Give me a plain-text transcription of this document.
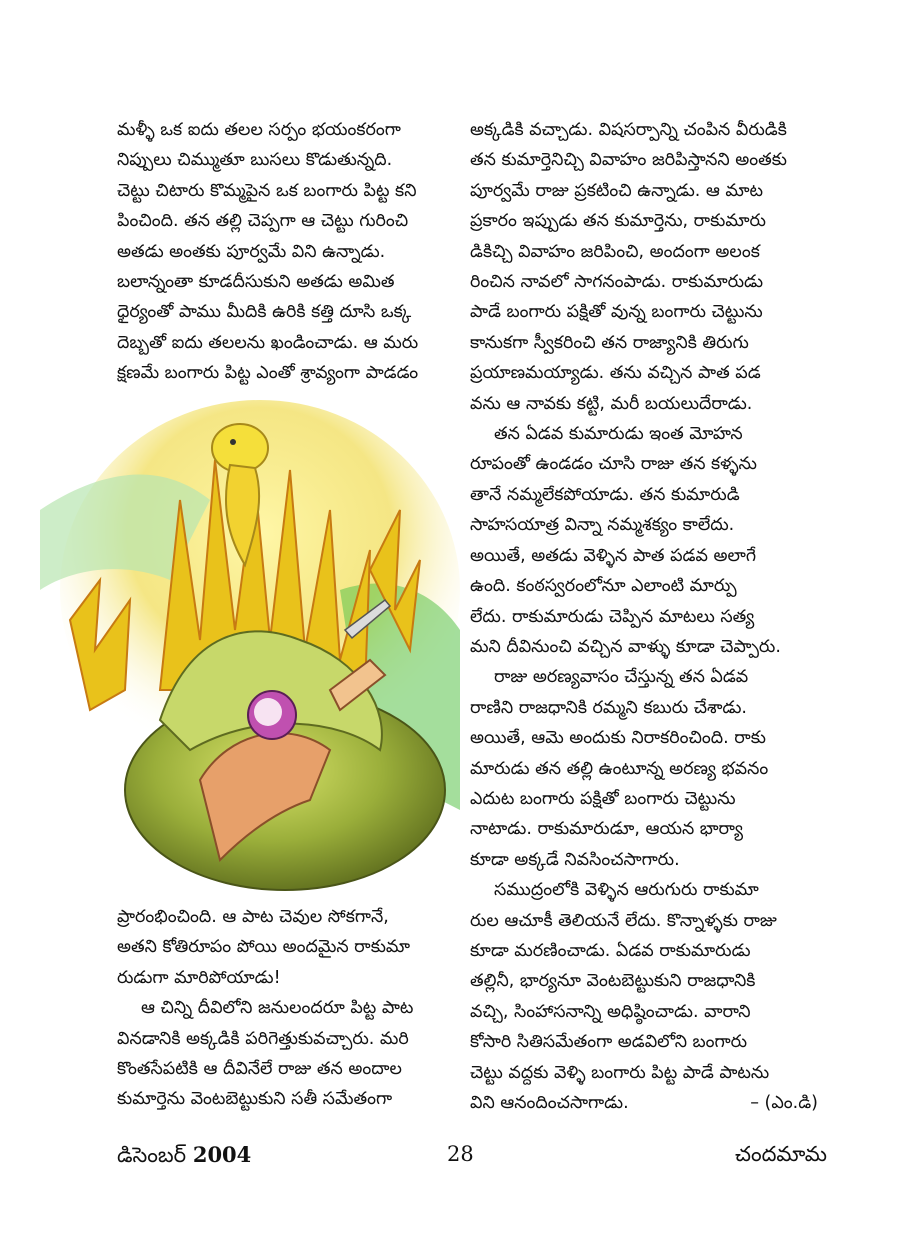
మళ్ళీ ఒక ఐదు తలల సర్పం భయంకరంగా

నిప్పులు చిమ్ముతూ బుసలు కొడుతున్నది.

చెట్టు చిటారు కొమ్మపైన ఒక బంగారు పిట్ట కని

పించింది. తన తల్లి చెప్పగా ఆ చెట్టు గురించి

అతడు అంతకు పూర్వమే విని ఉన్నాడు.

బలాన్నంతా కూడదీసుకుని అతడు అమిత

ధైర్యంతో పాము మీదికి ఉరికి కత్తి దూసి ఒక్క

దెబ్బతో ఐదు తలలను ఖండించాడు. ఆ మరు

క్షణమే బంగారు పిట్ట ఎంతో శ్రావ్యంగా పాడడం

ప్రారంభించింది. ఆ పాట చెవుల సోకగానే,

అతని కోతిరూపం పోయి అందమైన రాకుమా

రుడుగా మారిపోయాడు!

ఆ చిన్ని దీవిలోని జనులందరూ పిట్ట పాట

వినడానికి అక్కడికి పరిగెత్తుకువచ్చారు. మరి

కొంతసేపటికి ఆ దీవినేలే రాజు తన అందాల

కుమార్తెను వెంటబెట్టుకుని సతీ సమేతంగా

అక్కడికి వచ్చాడు. విషసర్పాన్ని చంపిన వీరుడికి

తన కుమార్తెనిచ్చి వివాహం జరిపిస్తానని అంతకు

పూర్వమే రాజు ప్రకటించి ఉన్నాడు. ఆ మాట

ప్రకారం ఇప్పుడు తన కుమార్తెను, రాకుమారు

డికిచ్చి వివాహం జరిపించి, అందంగా అలంక

రించిన నావలో సాగనంపాడు. రాకుమారుడు

పాడే బంగారు పక్షితో వున్న బంగారు చెట్టును

కానుకగా స్వీకరించి తన రాజ్యానికి తిరుగు

ప్రయాణమయ్యాడు. తను వచ్చిన పాత పడ

వను ఆ నావకు కట్టి, మరీ బయలుదేరాడు.

తన ఏడవ కుమారుడు ఇంత మోహన

రూపంతో ఉండడం చూసి రాజు తన కళ్ళను

తానే నమ్మలేకపోయాడు. తన కుమారుడి

సాహసయాత్ర విన్నా నమ్మశక్యం కాలేదు.

అయితే, అతడు వెళ్ళిన పాత పడవ అలాగే

ఉంది. కంఠస్వరంలోనూ ఎలాంటి మార్పు

లేదు. రాకుమారుడు చెప్పిన మాటలు సత్య

మని దీవినుంచి వచ్చిన వాళ్ళు కూడా చెప్పారు.

రాజు అరణ్యవాసం చేస్తున్న తన ఏడవ

రాణిని రాజధానికి రమ్మని కబురు చేశాడు.

అయితే, ఆమె అందుకు నిరాకరించింది. రాకు

మారుడు తన తల్లి ఉంటూన్న అరణ్య భవనం

ఎదుట బంగారు పక్షితో బంగారు చెట్టును

నాటాడు. రాకుమారుడూ, ఆయన భార్యా

కూడా అక్కడే నివసించసాగారు.

సముద్రంలోకి వెళ్ళిన ఆరుగురు రాకుమా

రుల ఆచూకీ తెలియనే లేదు. కొన్నాళ్ళకు రాజు

కూడా మరణించాడు. ఏడవ రాకుమారుడు

తల్లినీ, భార్యనూ వెంటబెట్టుకుని రాజధానికి

వచ్చి, సింహాసనాన్ని అధిష్ఠించాడు. వారాని

కోసారి సితిసమేతంగా అడవిలోని బంగారు

చెట్టు వద్దకు వెళ్ళి బంగారు పిట్ట పాడే పాటను

విని ఆనందించసాగాడు.	– (ఎం.డి)

డిసెంబర్ 2004	28	చందమామ
